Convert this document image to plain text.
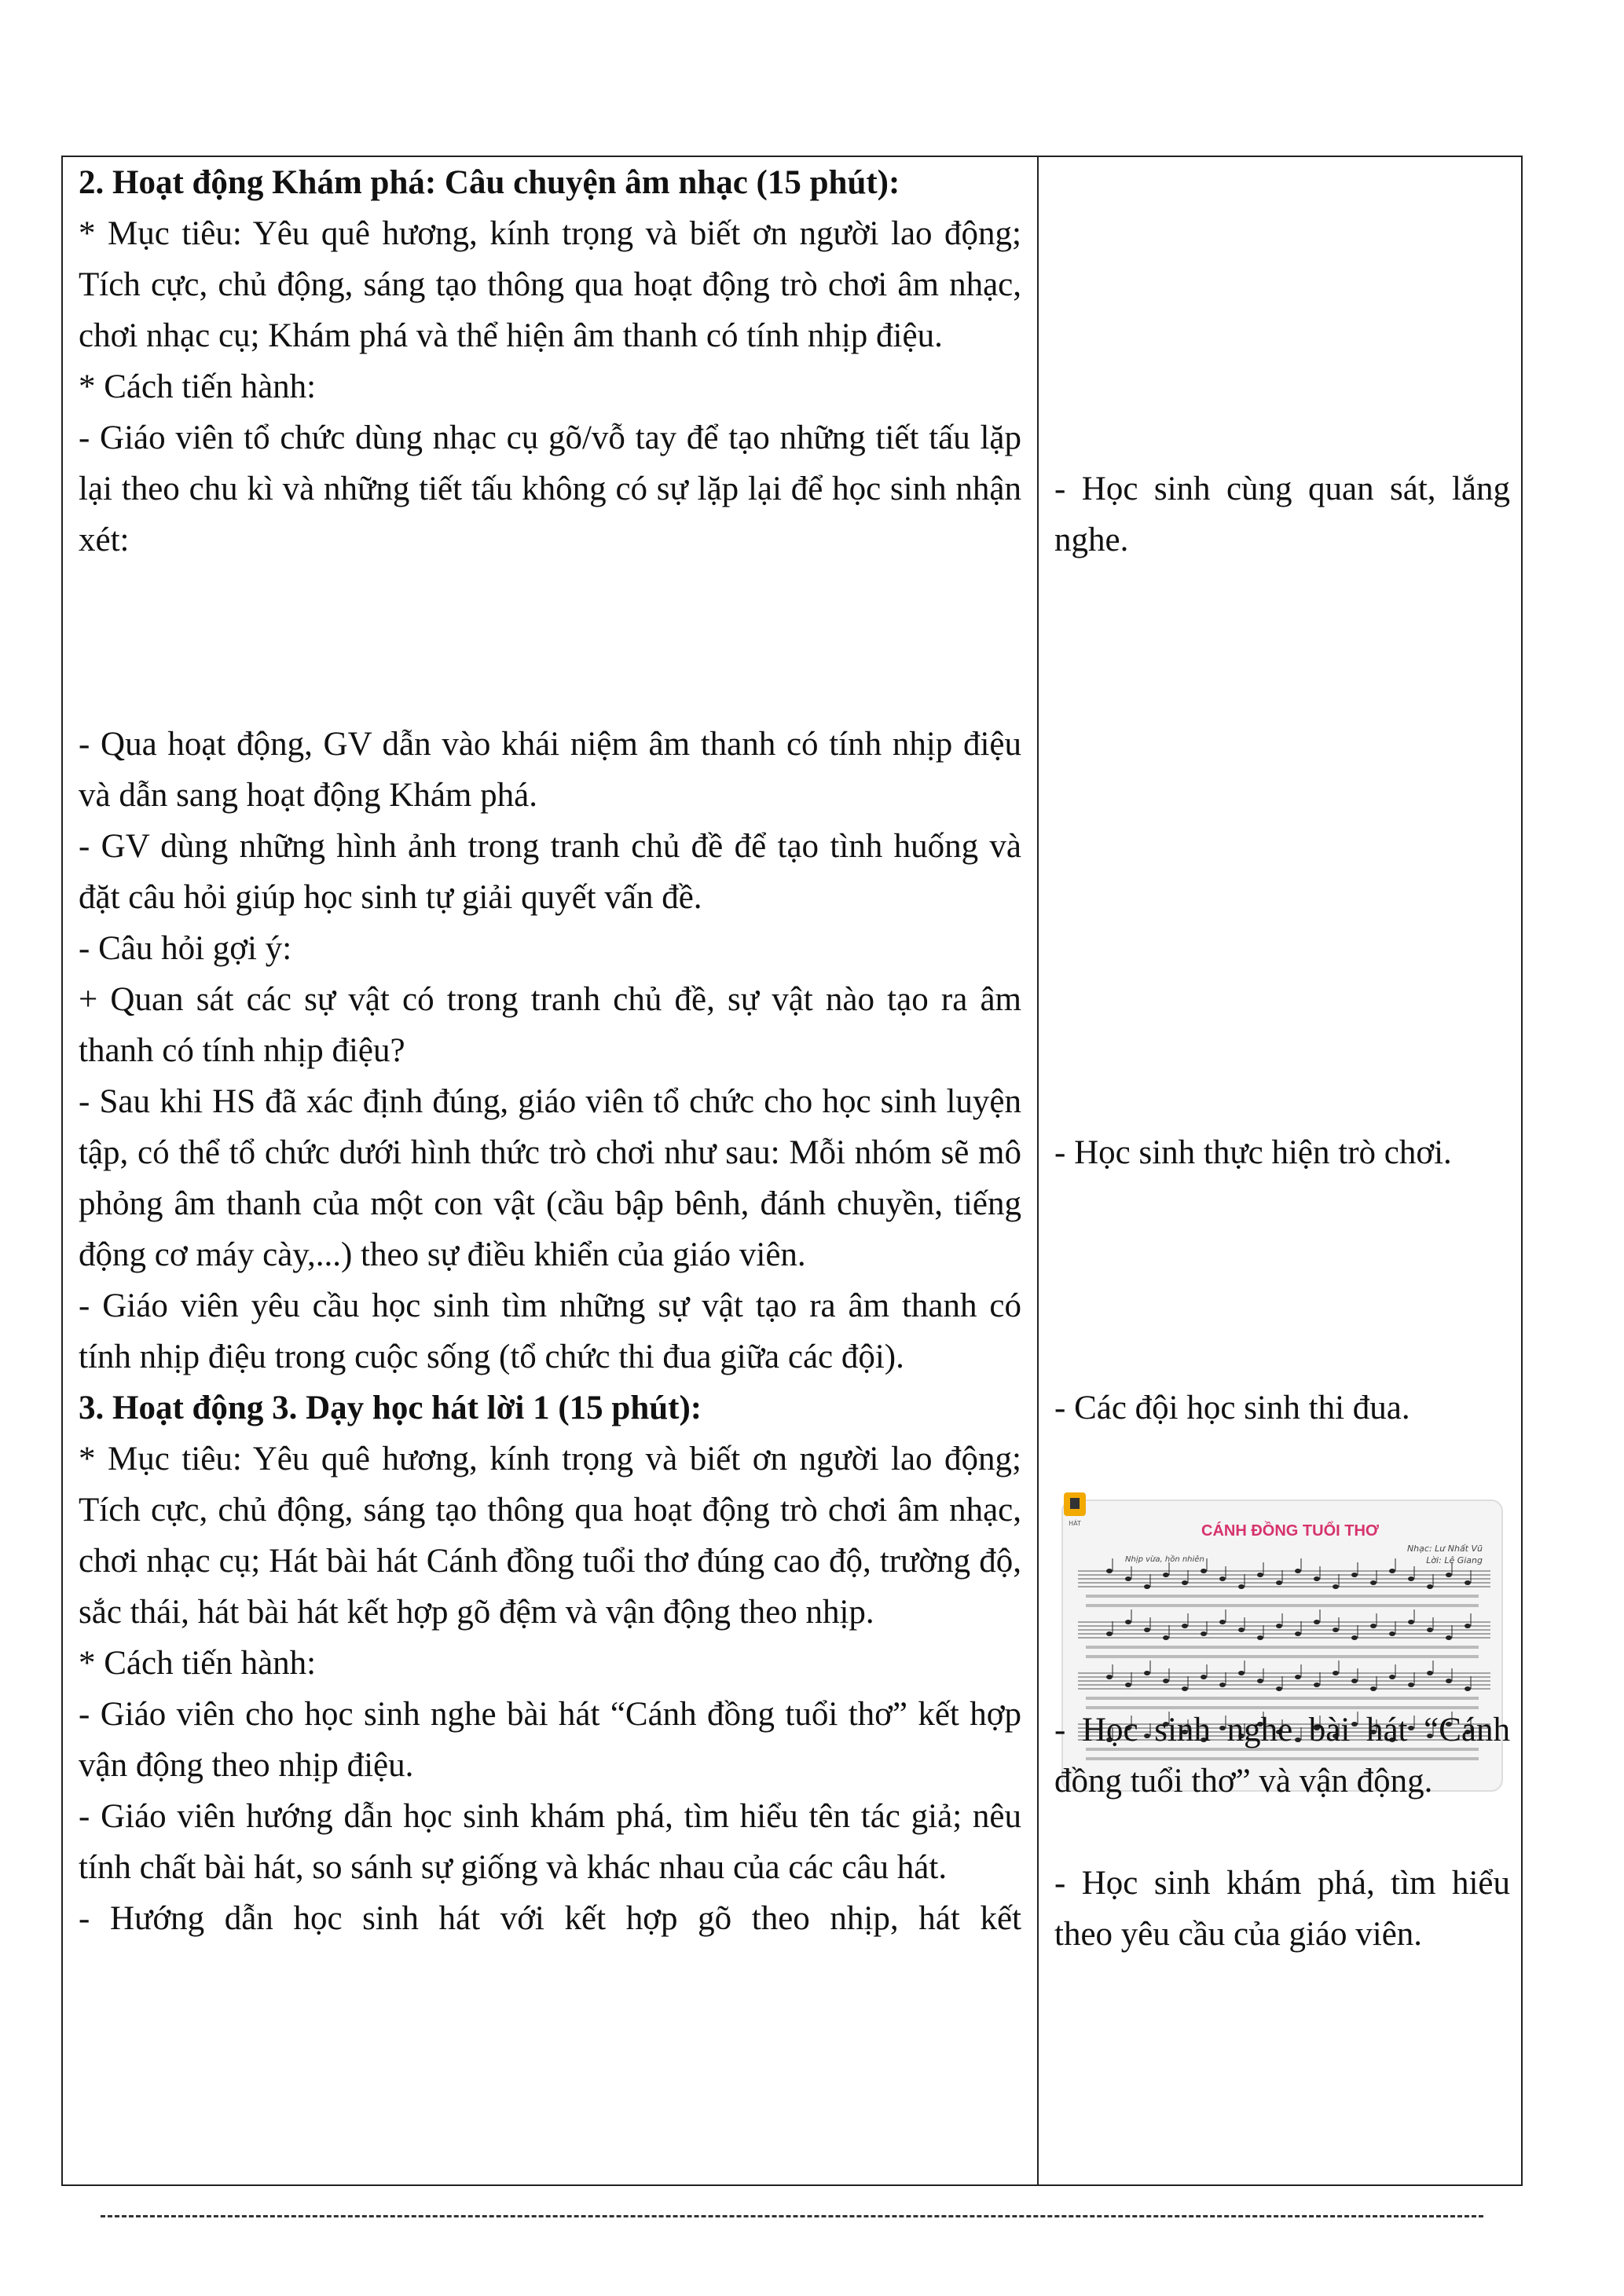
2. Hoạt động Khám phá: Câu chuyện âm nhạc (15 phút):

* Mục tiêu: Yêu quê hương, kính trọng và biết ơn người lao động; Tích cực, chủ động, sáng tạo thông qua hoạt động trò chơi âm nhạc, chơi nhạc cụ; Khám phá và thể hiện âm thanh có tính nhịp điệu.

* Cách tiến hành:

- Giáo viên tổ chức dùng nhạc cụ gõ/vỗ tay để tạo những tiết tấu lặp lại theo chu kì và những tiết tấu không có sự lặp lại để học sinh nhận xét:

- Qua hoạt động, GV dẫn vào khái niệm âm thanh có tính nhịp điệu và dẫn sang hoạt động Khám phá.

- GV dùng những hình ảnh trong tranh chủ đề để tạo tình huống và đặt câu hỏi giúp học sinh tự giải quyết vấn đề.

- Câu hỏi gợi ý:

+ Quan sát các sự vật có trong tranh chủ đề, sự vật nào tạo ra âm thanh có tính nhịp điệu?

- Sau khi HS đã xác định đúng, giáo viên tổ chức cho học sinh luyện tập, có thể tổ chức dưới hình thức trò chơi như sau: Mỗi nhóm sẽ mô phỏng âm thanh của một con vật (cầu bập bênh, đánh chuyền, tiếng động cơ máy cày,...) theo sự điều khiển của giáo viên.

- Giáo viên yêu cầu học sinh tìm những sự vật tạo ra âm thanh có tính nhịp điệu trong cuộc sống (tổ chức thi đua giữa các đội).

3. Hoạt động 3. Dạy học hát lời 1 (15 phút):

* Mục tiêu: Yêu quê hương, kính trọng và biết ơn người lao động; Tích cực, chủ động, sáng tạo thông qua hoạt động trò chơi âm nhạc, chơi nhạc cụ; Hát bài hát Cánh đồng tuổi thơ đúng cao độ, trường độ, sắc thái, hát bài hát kết hợp gõ đệm và vận động theo nhịp.

* Cách tiến hành:

- Giáo viên cho học sinh nghe bài hát “Cánh đồng tuổi thơ” kết hợp vận động theo nhịp điệu.

- Giáo viên hướng dẫn học sinh khám phá, tìm hiểu tên tác giả; nêu tính chất bài hát, so sánh sự giống và khác nhau của các câu hát.

- Hướng dẫn học sinh hát với kết hợp gõ theo nhịp, hát kết

- Học sinh cùng quan sát, lắng nghe.

- Học sinh thực hiện trò chơi.

- Các đội học sinh thi đua.

HÁT	CÁNH ĐỒNG TUỔI THƠ
Nhạc: Lư Nhất Vũ
Lời: Lê Giang
Nhịp vừa, hồn nhiên

- Học sinh nghe bài hát “Cánh đồng tuổi thơ” và vận động.

- Học sinh khám phá, tìm hiểu theo yêu cầu của giáo viên.
